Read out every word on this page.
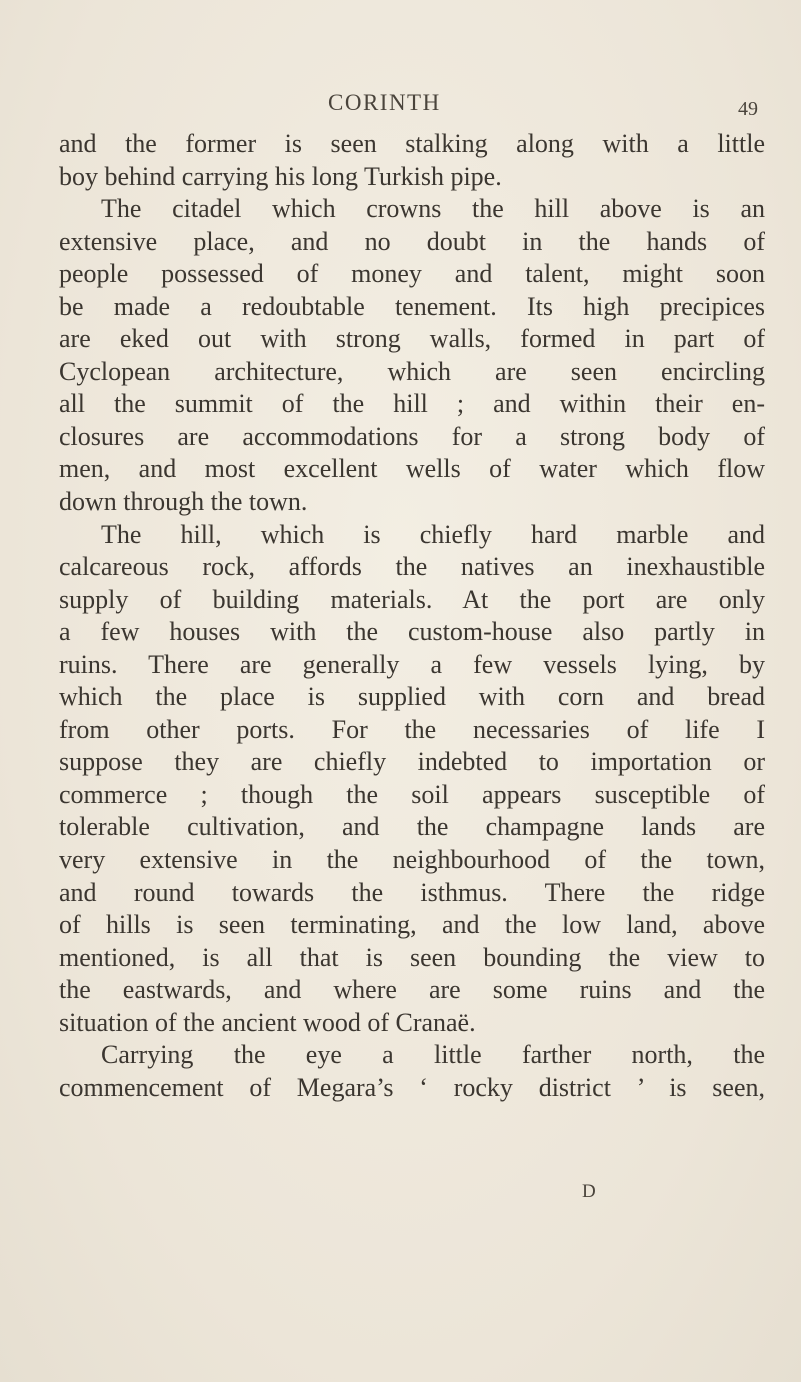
CORINTH	49
and the former is seen stalking along with a little
boy behind carrying his long Turkish pipe.
The citadel which crowns the hill above is an
extensive place, and no doubt in the hands of
people possessed of money and talent, might soon
be made a redoubtable tenement. Its high precipices
are eked out with strong walls, formed in part of
Cyclopean architecture, which are seen encircling
all the summit of the hill ; and within their en-
closures are accommodations for a strong body of
men, and most excellent wells of water which flow
down through the town.
The hill, which is chiefly hard marble and
calcareous rock, affords the natives an inexhaustible
supply of building materials. At the port are only
a few houses with the custom-house also partly in
ruins. There are generally a few vessels lying, by
which the place is supplied with corn and bread
from other ports. For the necessaries of life I
suppose they are chiefly indebted to importation or
commerce ; though the soil appears susceptible of
tolerable cultivation, and the champagne lands are
very extensive in the neighbourhood of the town,
and round towards the isthmus. There the ridge
of hills is seen terminating, and the low land, above
mentioned, is all that is seen bounding the view to
the eastwards, and where are some ruins and the
situation of the ancient wood of Cranaë.
Carrying the eye a little farther north, the
commencement of Megara’s ‘ rocky district ’ is seen,
D
